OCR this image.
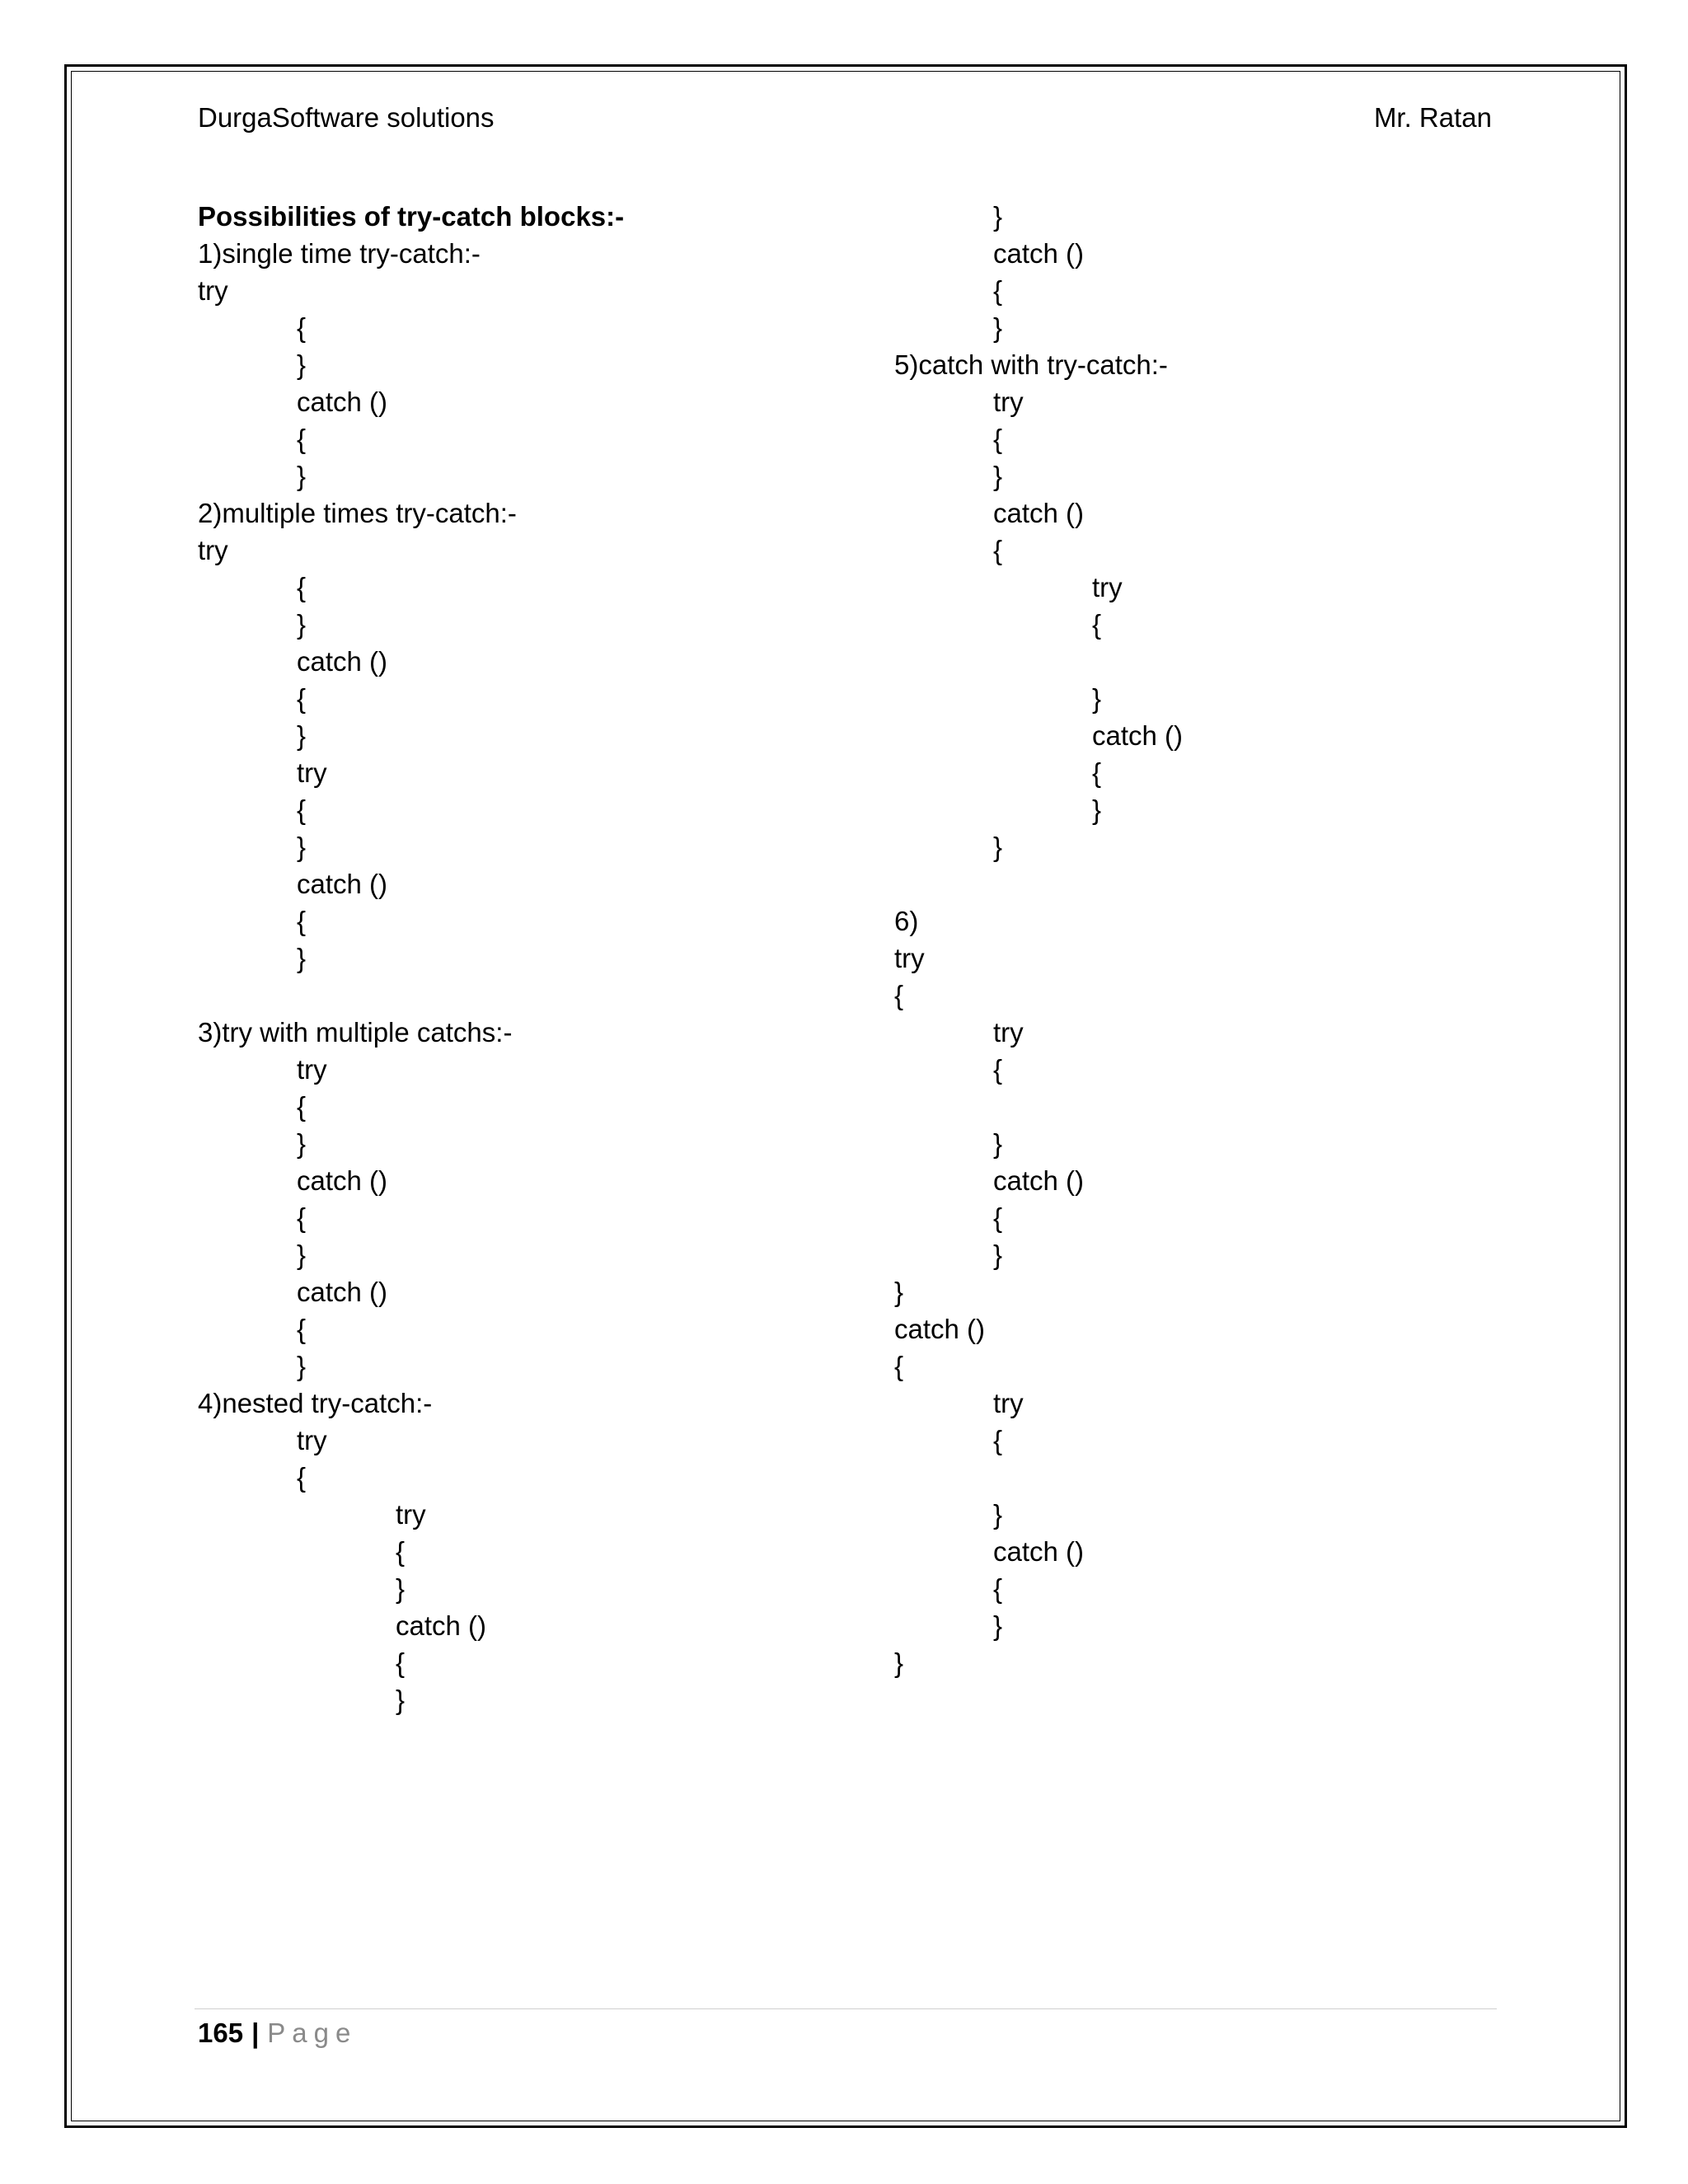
DurgaSoftware solutions	Mr. Ratan
Possibilities of try-catch blocks:-
1)single time try-catch:-
try
{
}
catch ()
{
}
2)multiple times try-catch:-
try
{
}
catch ()
{
}
try
{
}
catch ()
{
}
3)try with multiple catchs:-
try
{
}
catch ()
{
}
catch ()
{
}
4)nested try-catch:-
try
{
try
{
}
catch ()
{
}
}
catch ()
{
}
5)catch with try-catch:-
try
{
}
catch ()
{
try
{
}
catch ()
{
}
}
6)
try
{
try
{
}
catch ()
{
}
}
catch ()
{
try
{
}
catch ()
{
}
}
165 | Page
